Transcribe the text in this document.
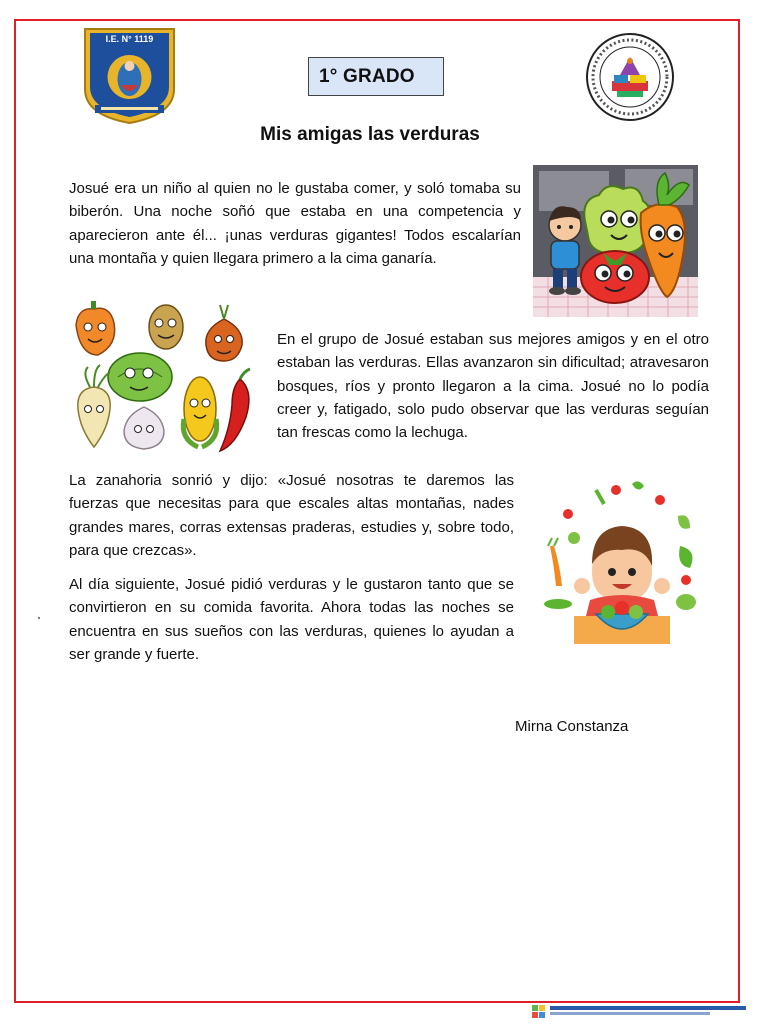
I.E. N° 1119
1° GRADO
Mis amigas las verduras

Josué era un niño al quien no le gustaba comer, y soló tomaba su biberón. Una noche soñó que estaba en una competencia y aparecieron ante él... ¡unas verduras gigantes! Todos escalarían una montaña y quien llegara primero a la cima ganaría.

En el grupo de Josué estaban sus mejores amigos y en el otro estaban las verduras. Ellas avanzaron sin dificultad; atravesaron bosques, ríos y pronto llegaron a la cima. Josué no lo podía creer y, fatigado, solo pudo observar que las verduras seguían tan frescas como la lechuga.

La zanahoria sonrió y dijo: «Josué nosotras te daremos las fuerzas que necesitas para que escales altas montañas, nades grandes mares, corras extensas praderas, estudies y, sobre todo, para que crezcas».

Al día siguiente, Josué pidió verduras y le gustaron tanto que se convirtieron en su comida favorita. Ahora todas las noches se encuentra en sus sueños con las verduras, quienes lo ayudan a ser grande y fuerte.

Mirna Constanza
